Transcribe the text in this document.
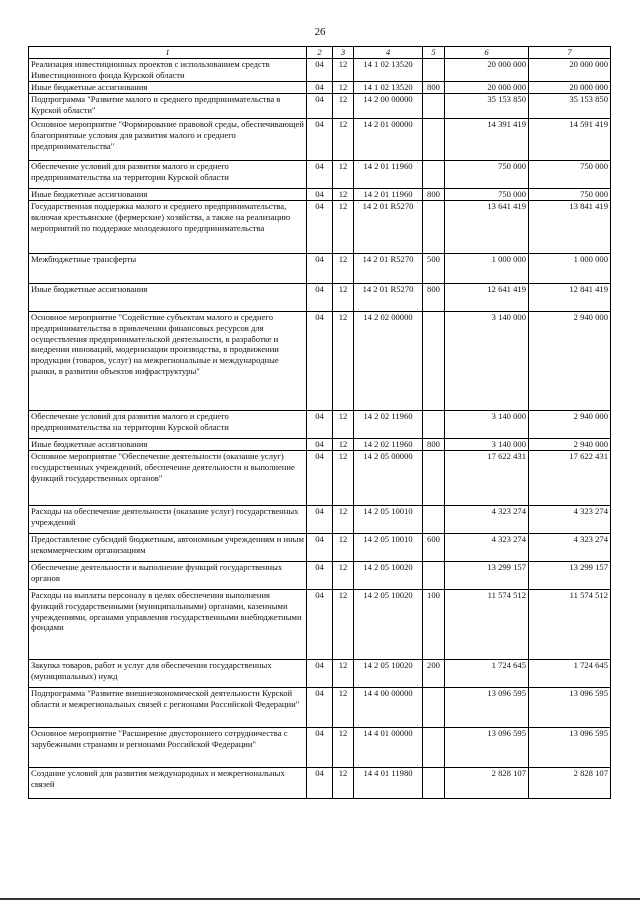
26
1	2	3	4	5	6	7
Реализация инвестиционных проектов с использованием средств Инвестиционного фонда Курской области	04	12	14 1 02 13520		20 000 000	20 000 000
Иные бюджетные ассигнования	04	12	14 1 02 13520	800	20 000 000	20 000 000
Подпрограмма "Развитие малого и среднего предпринимательства в Курской области"	04	12	14 2 00 00000		35 153 850	35 153 850
Основное мероприятие "Формирование правовой среды, обеспечивающей благоприятные условия для развития малого и среднего предпринимательства"	04	12	14 2 01 00000		14 391 419	14 591 419
Обеспечение условий для развития малого и среднего предпринимательства на территории Курской области	04	12	14 2 01 11960		750 000	750 000
Иные бюджетные ассигнования	04	12	14 2 01 11960	800	750 000	750 000
Государственная поддержка малого и среднего предпринимательства, включая крестьянские (фермерские) хозяйства, а также на реализацию мероприятий по поддержке молодежного предпринимательства	04	12	14 2 01 R5270		13 641 419	13 841 419
Межбюджетные трансферты	04	12	14 2 01 R5270	500	1 000 000	1 000 000
Иные бюджетные ассигнования	04	12	14 2 01 R5270	800	12 641 419	12 841 419
Основное мероприятие "Содействие субъектам малого и среднего предпринимательства в привлечении финансовых ресурсов для осуществления предпринимательской деятельности, в разработке и внедрении инноваций, модернизации производства, в продвижении продукции (товаров, услуг) на межрегиональные и международные рынки, в развитии объектов инфраструктуры"	04	12	14 2 02 00000		3 140 000	2 940 000
Обеспечение условий для развития малого и среднего предпринимательства на территории Курской области	04	12	14 2 02 11960		3 140 000	2 940 000
Иные бюджетные ассигнования	04	12	14 2 02 11960	800	3 140 000	2 940 000
Основное мероприятие "Обеспечение деятельности (оказание услуг) государственных учреждений, обеспечение деятельности и выполнение функций государственных органов"	04	12	14 2 05 00000		17 622 431	17 622 431
Расходы на обеспечение деятельности (оказание услуг) государственных учреждений	04	12	14 2 05 10010		4 323 274	4 323 274
Предоставление субсидий бюджетным, автономным учреждениям и иным некоммерческим организациям	04	12	14 2 05 10010	600	4 323 274	4 323 274
Обеспечение деятельности и выполнение функций государственных органов	04	12	14 2 05 10020		13 299 157	13 299 157
Расходы на выплаты персоналу в целях обеспечения выполнения функций государственными (муниципальными) органами, казенными учреждениями, органами управления государственными внебюджетными фондами	04	12	14 2 05 10020	100	11 574 512	11 574 512
Закупка товаров, работ и услуг для обеспечения государственных (муниципальных) нужд	04	12	14 2 05 10020	200	1 724 645	1 724 645
Подпрограмма "Развитие внешнеэкономической деятельности Курской области и межрегиональных связей с регионами Российской Федерации"	04	12	14 4 00 00000		13 096 595	13 096 595
Основное мероприятие "Расширение двустороннего сотрудничества с зарубежными странами и регионами Российской Федерации"	04	12	14 4 01 00000		13 096 595	13 096 595
Создание условий для развития международных и межрегиональных связей	04	12	14 4 01 11980		2 828 107	2 828 107
